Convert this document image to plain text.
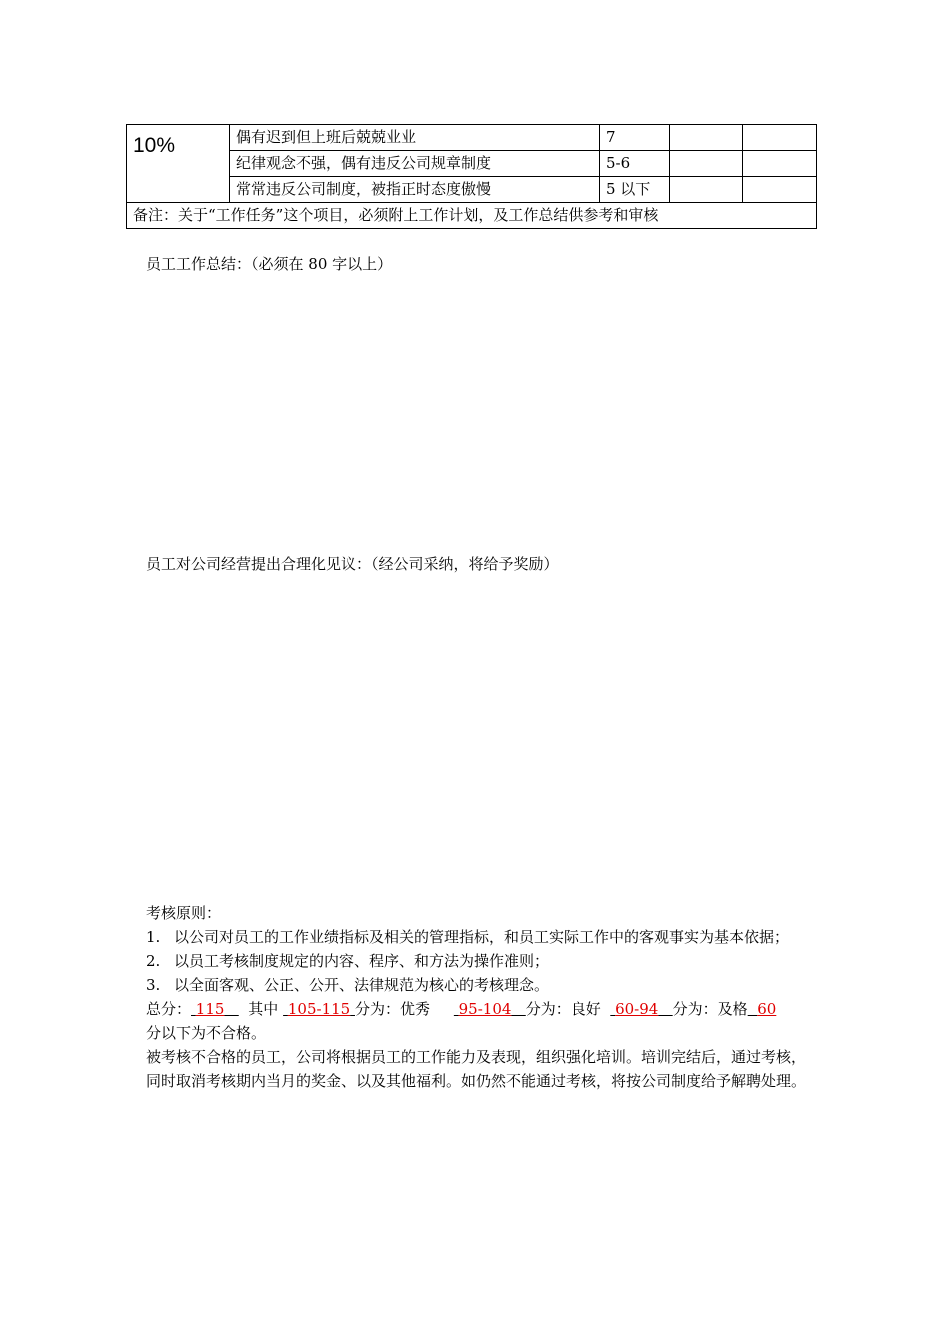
10%	偶有迟到但上班后兢兢业业	7		
	纪律观念不强，偶有违反公司规章制度	5-6		
	常常违反公司制度，被指正时态度傲慢	5 以下		
备注：关于“工作任务”这个项目，必须附上工作计划，及工作总结供参考和审核				
员工工作总结：（必须在 80 字以上）
员工对公司经营提出合理化见议：（经公司采纳，将给予奖励）
考核原则：
1. 以公司对员工的工作业绩指标及相关的管理指标，和员工实际工作中的客观事实为基本依据；
2. 以员工考核制度规定的内容、程序、和方法为操作准则；
3. 以全面客观、公正、公开、法律规范为核心的考核理念。
总分： 115 其中 105-115 分为：优秀 95-104 分为：良好 60-94 分为：及格 60
分以下为不合格。
被考核不合格的员工，公司将根据员工的工作能力及表现，组织强化培训。培训完结后，通过考核，同时取消考核期内当月的奖金、以及其他福利。如仍然不能通过考核，将按公司制度给予解聘处理。
